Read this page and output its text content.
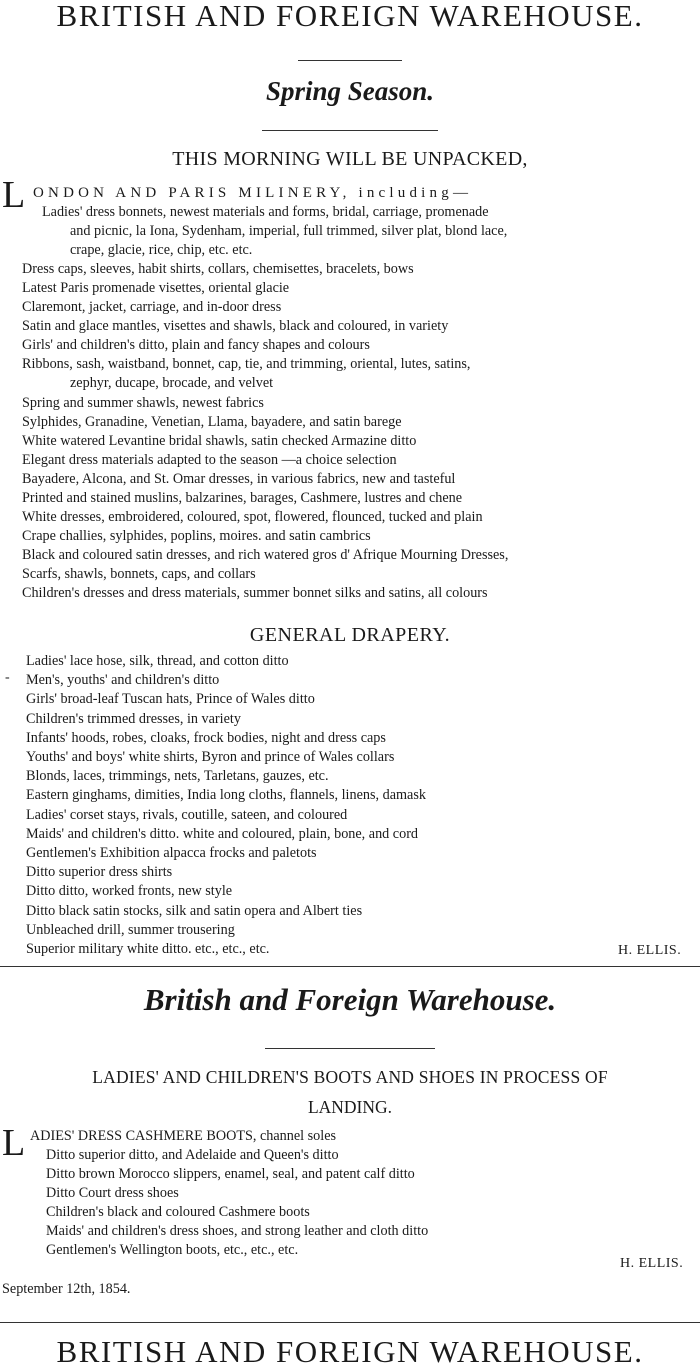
BRITISH AND FOREIGN WAREHOUSE.
Spring Season.
THIS MORNING WILL BE UNPACKED,
L ONDON AND PARIS MILINERY, including—
Ladies' dress bonnets, newest materials and forms, bridal, carriage, promenade
and picnic, la Iona, Sydenham, imperial, full trimmed, silver plat, blond lace,
crape, glacie, rice, chip, etc. etc.
Dress caps, sleeves, habit shirts, collars, chemisettes, bracelets, bows
Latest Paris promenade visettes, oriental glacie
Claremont, jacket, carriage, and in-door dress
Satin and glace mantles, visettes and shawls, black and coloured, in variety
Girls' and children's ditto, plain and fancy shapes and colours
Ribbons, sash, waistband, bonnet, cap, tie, and trimming, oriental, lutes, satins,
zephyr, ducape, brocade, and velvet
Spring and summer shawls, newest fabrics
Sylphides, Granadine, Venetian, Llama, bayadere, and satin barege
White watered Levantine bridal shawls, satin checked Armazine ditto
Elegant dress materials adapted to the season —a choice selection
Bayadere, Alcona, and St. Omar dresses, in various fabrics, new and tasteful
Printed and stained muslins, balzarines, barages, Cashmere, lustres and chene
White dresses, embroidered, coloured, spot, flowered, flounced, tucked and plain
Crape challies, sylphides, poplins, moires. and satin cambrics
Black and coloured satin dresses, and rich watered gros d' Afrique Mourning Dresses,
Scarfs, shawls, bonnets, caps, and collars
Children's dresses and dress materials, summer bonnet silks and satins, all colours
GENERAL DRAPERY.
-
Ladies' lace hose, silk, thread, and cotton ditto
Men's, youths' and children's ditto
Girls' broad-leaf Tuscan hats, Prince of Wales ditto
Children's trimmed dresses, in variety
Infants' hoods, robes, cloaks, frock bodies, night and dress caps
Youths' and boys' white shirts, Byron and prince of Wales collars
Blonds, laces, trimmings, nets, Tarletans, gauzes, etc.
Eastern ginghams, dimities, India long cloths, flannels, linens, damask
Ladies' corset stays, rivals, coutille, sateen, and coloured
Maids' and children's ditto. white and coloured, plain, bone, and cord
Gentlemen's Exhibition alpacca frocks and paletots
Ditto superior dress shirts
Ditto ditto, worked fronts, new style
Ditto black satin stocks, silk and satin opera and Albert ties
Unbleached drill, summer trousering
Superior military white ditto. etc., etc., etc.	H. ELLIS.
British and Foreign Warehouse.
LADIES' AND CHILDREN'S BOOTS AND SHOES IN PROCESS OF
LANDING.
L ADIES' DRESS CASHMERE BOOTS, channel soles
Ditto superior ditto, and Adelaide and Queen's ditto
Ditto brown Morocco slippers, enamel, seal, and patent calf ditto
Ditto Court dress shoes
Children's black and coloured Cashmere boots
Maids' and children's dress shoes, and strong leather and cloth ditto
Gentlemen's Wellington boots, etc., etc., etc.
H. ELLIS.
September 12th, 1854.
BRITISH AND FOREIGN WAREHOUSE.
